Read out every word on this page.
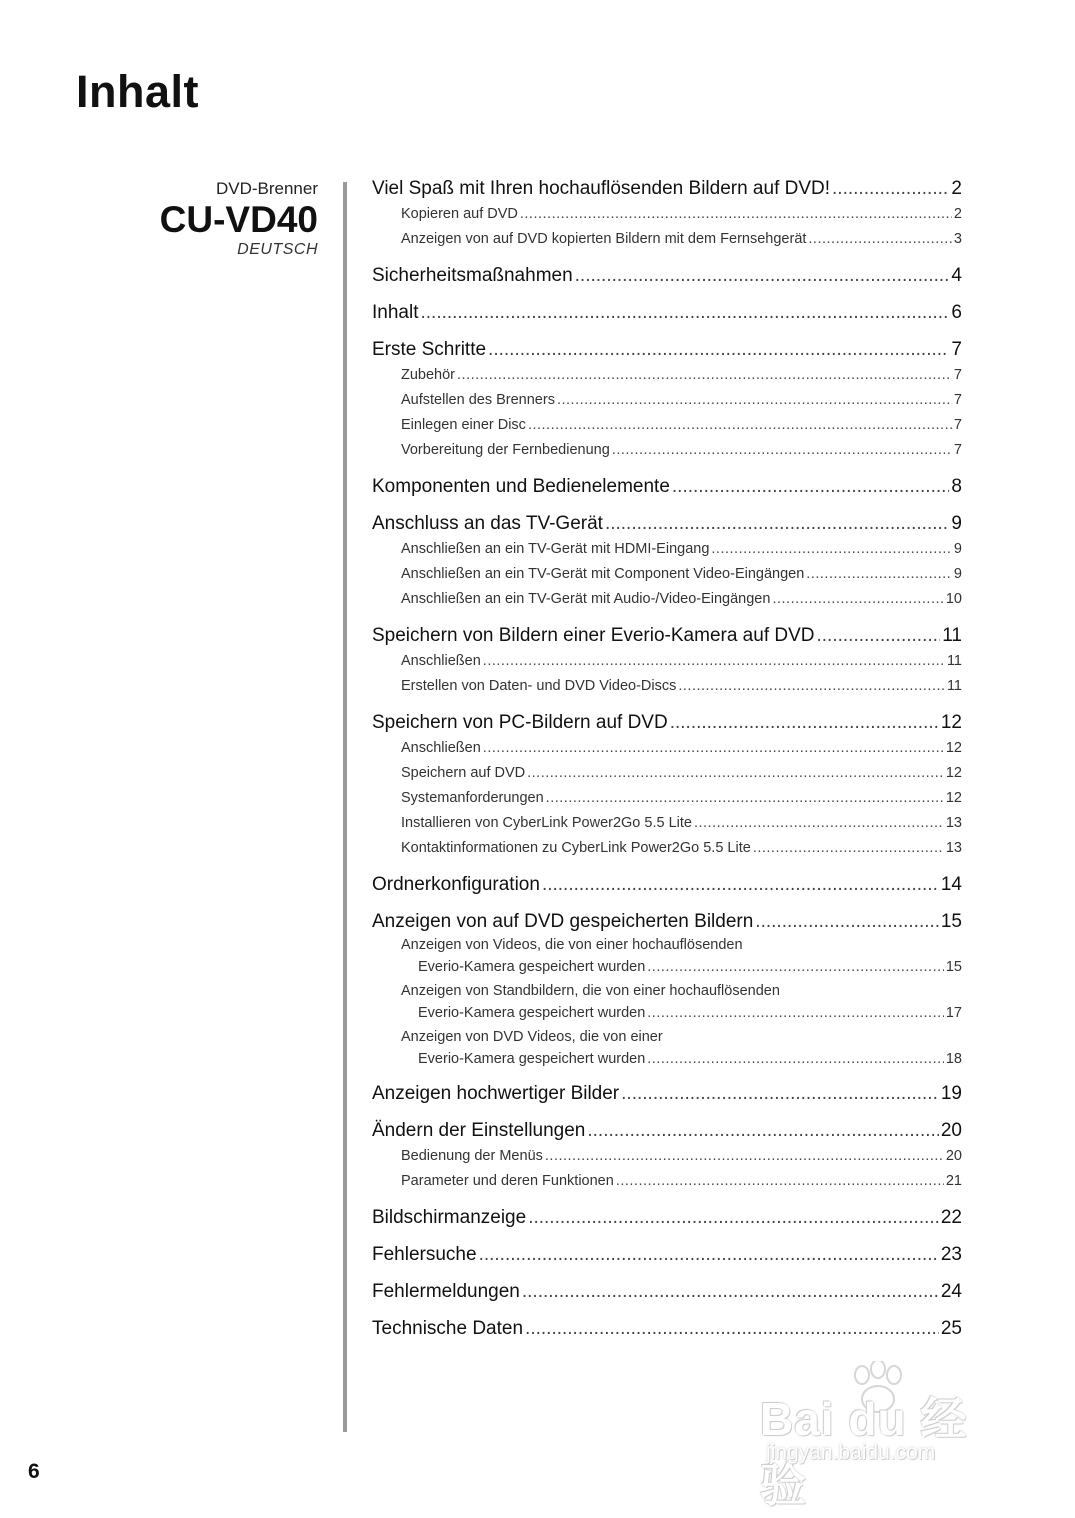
Inhalt
DVD-Brenner
CU-VD40
DEUTSCH
Viel Spaß mit Ihren hochauflösenden Bildern auf DVD! .....	2
Kopieren auf DVD .....	2
Anzeigen von auf DVD kopierten Bildern mit dem Fernsehgerät .....	3
Sicherheitsmaßnahmen .....	4
Inhalt .....	6
Erste Schritte .....	7
Zubehör .....	7
Aufstellen des Brenners .....	7
Einlegen einer Disc .....	7
Vorbereitung der Fernbedienung .....	7
Komponenten und Bedienelemente .....	8
Anschluss an das TV-Gerät .....	9
Anschließen an ein TV-Gerät mit HDMI-Eingang .....	9
Anschließen an ein TV-Gerät mit Component Video-Eingängen .....	9
Anschließen an ein TV-Gerät mit Audio-/Video-Eingängen .....	10
Speichern von Bildern einer Everio-Kamera auf DVD .....	11
Anschließen .....	11
Erstellen von Daten- und DVD Video-Discs .....	11
Speichern von PC-Bildern auf DVD .....	12
Anschließen .....	12
Speichern auf DVD .....	12
Systemanforderungen .....	12
Installieren von CyberLink Power2Go 5.5 Lite .....	13
Kontaktinformationen zu CyberLink Power2Go 5.5 Lite .....	13
Ordnerkonfiguration .....	14
Anzeigen von auf DVD gespeicherten Bildern .....	15
Anzeigen von Videos, die von einer hochauflösenden
Everio-Kamera gespeichert wurden .....	15
Anzeigen von Standbildern, die von einer hochauflösenden
Everio-Kamera gespeichert wurden .....	17
Anzeigen von DVD Videos, die von einer
Everio-Kamera gespeichert wurden .....	18
Anzeigen hochwertiger Bilder .....	19
Ändern der Einstellungen .....	20
Bedienung der Menüs .....	20
Parameter und deren Funktionen .....	21
Bildschirmanzeige .....	22
Fehlersuche .....	23
Fehlermeldungen .....	24
Technische Daten .....	25
6
Bai du 经验
jingyan.baidu.com
